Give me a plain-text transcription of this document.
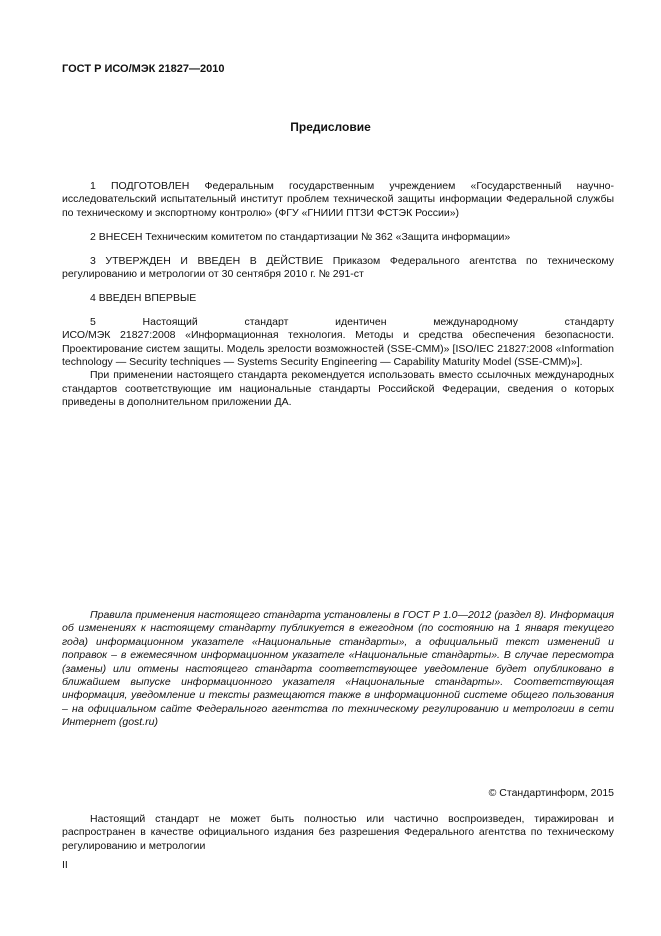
ГОСТ Р ИСО/МЭК 21827—2010
Предисловие

1 ПОДГОТОВЛЕН Федеральным государственным учреждением «Государственный научно-исследовательский испытательный институт проблем технической защиты информации Федеральной службы по техническому и экспортному контролю» (ФГУ «ГНИИИ ПТЗИ ФСТЭК России»)

2 ВНЕСЕН Техническим комитетом по стандартизации № 362 «Защита информации»

3 УТВЕРЖДЕН И ВВЕДЕН В ДЕЙСТВИЕ Приказом Федерального агентства по техническому регулированию и метрологии от 30 сентября 2010 г. № 291-ст

4 ВВЕДЕН ВПЕРВЫЕ

5 Настоящий стандарт идентичен международному стандарту

ИСО/МЭК 21827:2008 «Информационная технология. Методы и средства обеспечения безопасности. Проектирование систем защиты. Модель зрелости возможностей (SSE-CMM)» [ISO/IEC 21827:2008 «Information technology — Security techniques — Systems Security Engineering — Capability Maturity Model (SSE-CMM)»].

При применении настоящего стандарта рекомендуется использовать вместо ссылочных международных стандартов соответствующие им национальные стандарты Российской Федерации, сведения о которых приведены в дополнительном приложении ДА.

Правила применения настоящего стандарта установлены в ГОСТ Р 1.0—2012 (раздел 8). Информация об изменениях к настоящему стандарту публикуется в ежегодном (по состоянию на 1 января текущего года) информационном указателе «Национальные стандарты», а официальный текст изменений и поправок – в ежемесячном информационном указателе «Национальные стандарты». В случае пересмотра (замены) или отмены настоящего стандарта соответствующее уведомление будет опубликовано в ближайшем выпуске информационного указателя «Национальные стандарты». Соответствующая информация, уведомление и тексты размещаются также в информационной системе общего пользования – на официальном сайте Федерального агентства по техническому регулированию и метрологии в сети Интернет (gost.ru)

© Стандартинформ, 2015

Настоящий стандарт не может быть полностью или частично воспроизведен, тиражирован и распространен в качестве официального издания без разрешения Федерального агентства по техническому регулированию и метрологии

II
